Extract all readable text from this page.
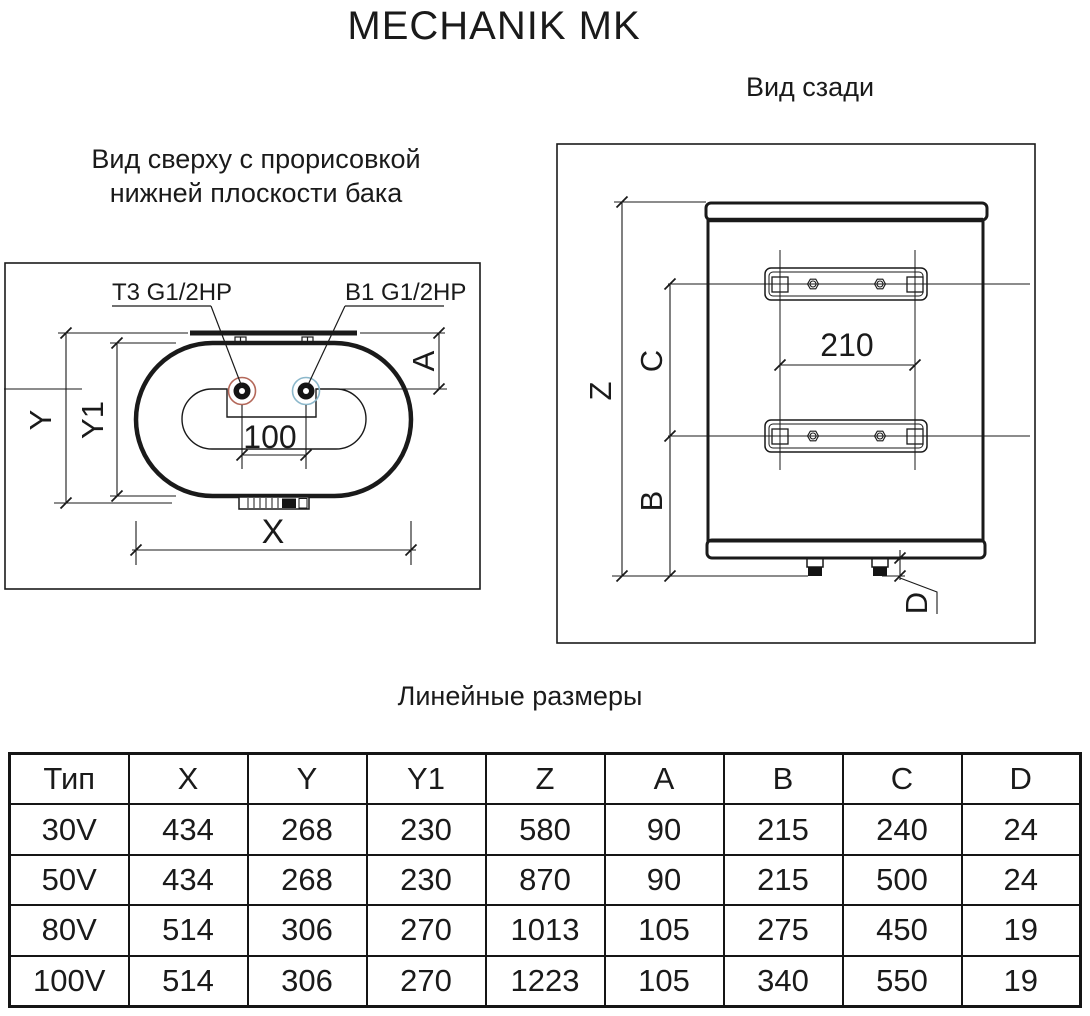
MECHANIK MK
Вид сзади
Вид сверху с прорисовкой
нижней плоскости бака
T3 G1/2HP	B1 G1/2HP
Y Y1
A
100
X
210
Z
C
B
D
Линейные размеры
Тип	X	Y	Y1	Z	A	B	C	D
30V	434	268	230	580	90	215	240	24
50V	434	268	230	870	90	215	500	24
80V	514	306	270	1013	105	275	450	19
100V	514	306	270	1223	105	340	550	19
